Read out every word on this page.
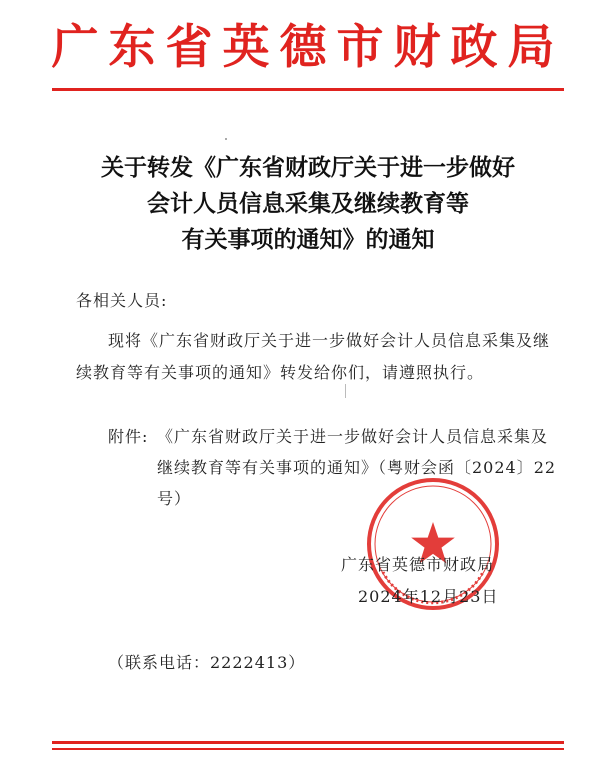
广东省英德市财政局
关于转发《广东省财政厅关于进一步做好
会计人员信息采集及继续教育等
有关事项的通知》的通知
各相关人员:
现将《广东省财政厅关于进一步做好会计人员信息采集及继
续教育等有关事项的通知》转发给你们，请遵照执行。
附件: 《广东省财政厅关于进一步做好会计人员信息采集及
继续教育等有关事项的通知》（粤财会函〔2024〕22
号）
广东省英德市财政局
2024年12月23日
（联系电话：2222413）
